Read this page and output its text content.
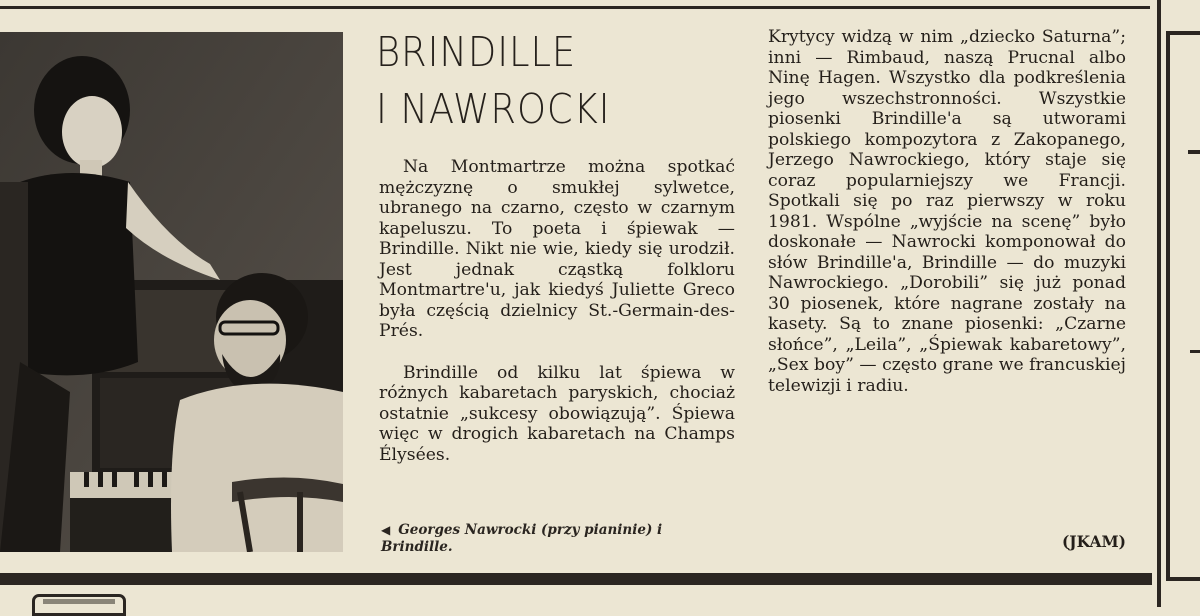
BRINDILLE
I NAWROCKI

Na Montmartrze można spotkać mężczyznę o smukłej sylwetce, ubranego na czarno, często w czarnym kapeluszu. To poeta i śpiewak — Brindille. Nikt nie wie, kiedy się urodził. Jest jednak cząstką folkloru Montmartre'u, jak kiedyś Juliette Greco była częścią dzielnicy St.-Germain-des-Prés.

Brindille od kilku lat śpiewa w różnych kabaretach paryskich, chociaż ostatnie „sukcesy obowiązują”. Śpiewa więc w drogich kabaretach na Champs Élysées.

Krytycy widzą w nim „dziecko Saturna”; inni — Rimbaud, naszą Prucnal albo Ninę Hagen. Wszystko dla podkreślenia jego wszechstronności. Wszystkie piosenki Brindille'a są utworami polskiego kompozytora z Zakopanego, Jerzego Nawrockiego, który staje się coraz popularniejszy we Francji. Spotkali się po raz pierwszy w roku 1981. Wspólne „wyjście na scenę” było doskonałe — Nawrocki komponował do słów Brindille'a, Brindille — do muzyki Nawrockiego. „Dorobili” się już ponad 30 piosenek, które nagrane zostały na kasety. Są to znane piosenki: „Czarne słońce”, „Leila”, „Śpiewak kabaretowy”, „Sex boy” — często grane we francuskiej telewizji i radiu.

◀ Georges Nawrocki (przy pianinie) i Brindille.	(JKAM)
